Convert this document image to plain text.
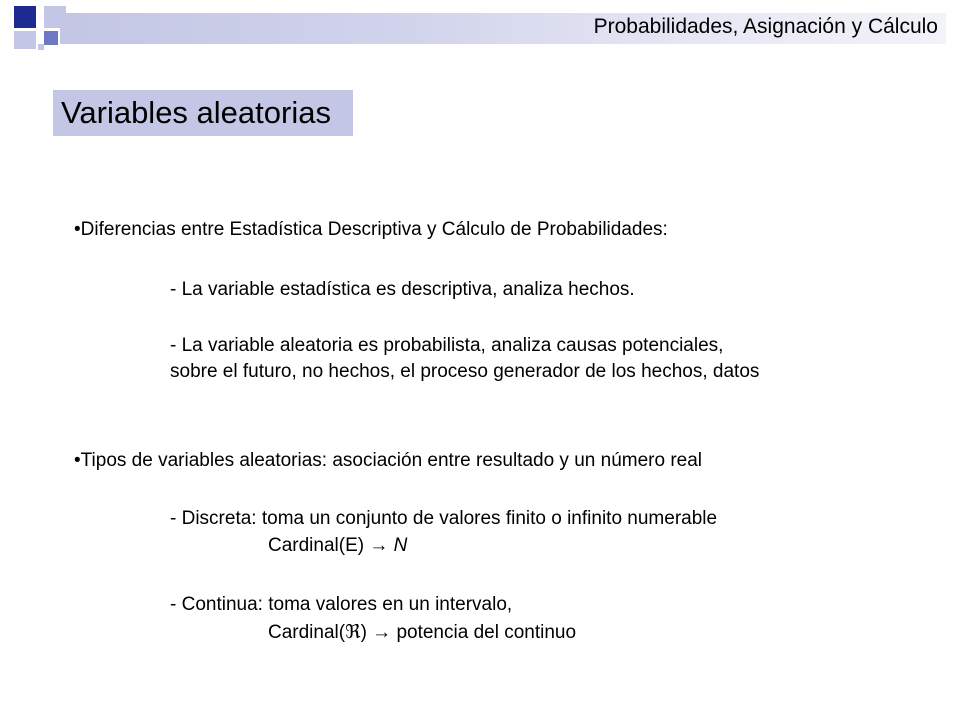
Probabilidades, Asignación y Cálculo
Variables aleatorias
•Diferencias entre Estadística Descriptiva y Cálculo de Probabilidades:
- La variable estadística es descriptiva, analiza hechos.
- La variable aleatoria es probabilista, analiza causas potenciales,
sobre el futuro, no hechos, el proceso generador de los hechos, datos
•Tipos de variables aleatorias: asociación entre resultado y un número real
- Discreta: toma un conjunto de valores finito o infinito numerable
Cardinal(E) → N
- Continua: toma valores en un intervalo,
Cardinal(ℜ) → potencia del continuo
